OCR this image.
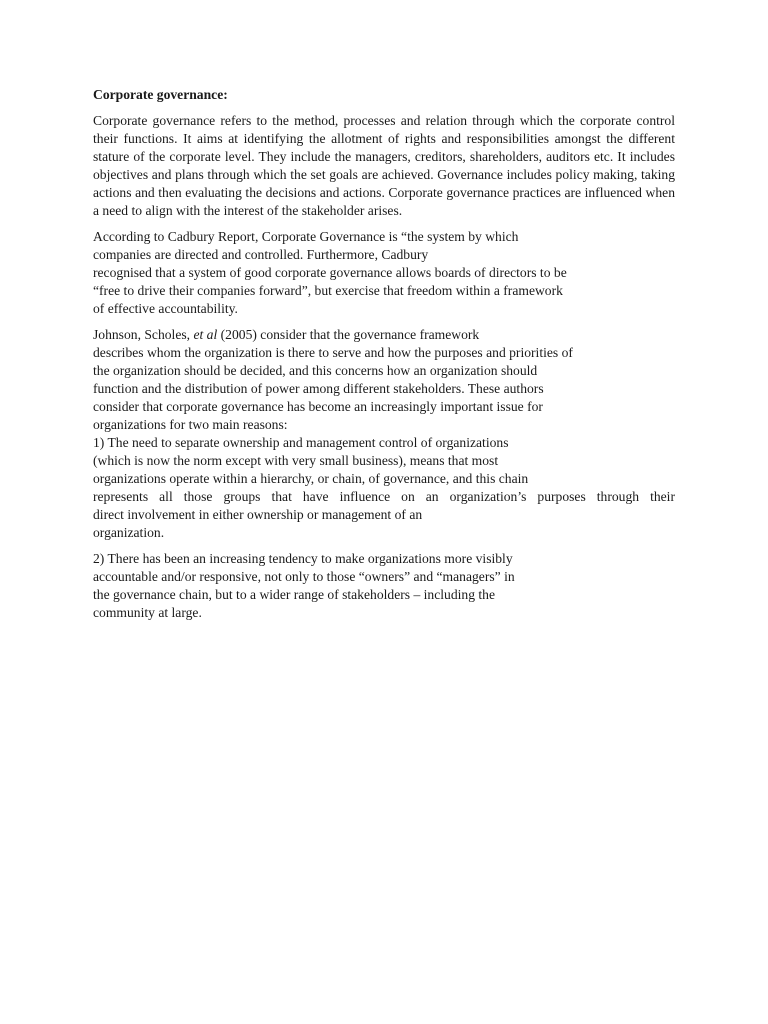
Corporate governance:
Corporate governance refers to the method, processes and relation through which the corporate control their functions. It aims at identifying the allotment of rights and responsibilities amongst the different stature of the corporate level. They include the managers, creditors, shareholders, auditors etc. It includes objectives and plans through which the set goals are achieved. Governance includes policy making, taking actions and then evaluating the decisions and actions. Corporate governance practices are influenced when a need to align with the interest of the stakeholder arises.
According to Cadbury Report, Corporate Governance is “the system by which
companies are directed and controlled. Furthermore, Cadbury
recognised that a system of good corporate governance allows boards of directors to be
“free to drive their companies forward”, but exercise that freedom within a framework
of effective accountability.
Johnson, Scholes, et al (2005) consider that the governance framework
describes whom the organization is there to serve and how the purposes and priorities of
the organization should be decided, and this concerns how an organization should
function and the distribution of power among different stakeholders. These authors
consider that corporate governance has become an increasingly important issue for
organizations for two main reasons:
1) The need to separate ownership and management control of organizations
(which is now the norm except with very small business), means that most
organizations operate within a hierarchy, or chain, of governance, and this chain
represents all those groups that have influence on an organization’s purposes through their
direct involvement in either ownership or management of an
organization.
2) There has been an increasing tendency to make organizations more visibly
accountable and/or responsive, not only to those “owners” and “managers” in
the governance chain, but to a wider range of stakeholders – including the
community at large.
